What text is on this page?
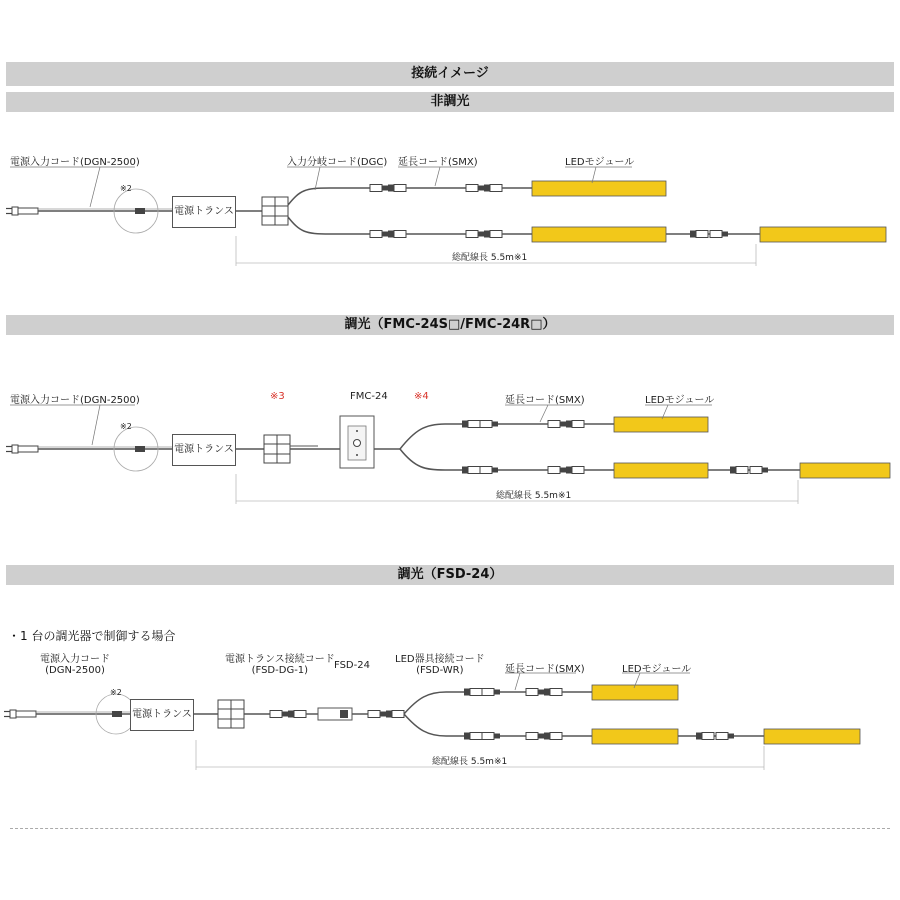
接続イメージ
非調光
調光（FMC-24S□/FMC-24R□）
調光（FSD-24）
電源入力コード(DGN-2500)
※2
電源トランス
入力分岐コード(DGC) 延長コード(SMX)	LEDモジュール
総配線長 5.5m※1
電源入力コード(DGN-2500)
※2
電源トランス
※3	FMC-24	※4	延長コード(SMX)	LEDモジュール
総配線長 5.5m※1
・1 台の調光器で制御する場合
電源入力コード
(DGN-2500)
※2
電源トランス
電源トランス接続コード
(FSD-DG-1)	FSD-24
LED器具接続コード
(FSD-WR)	延長コード(SMX)	LEDモジュール
総配線長 5.5m※1
